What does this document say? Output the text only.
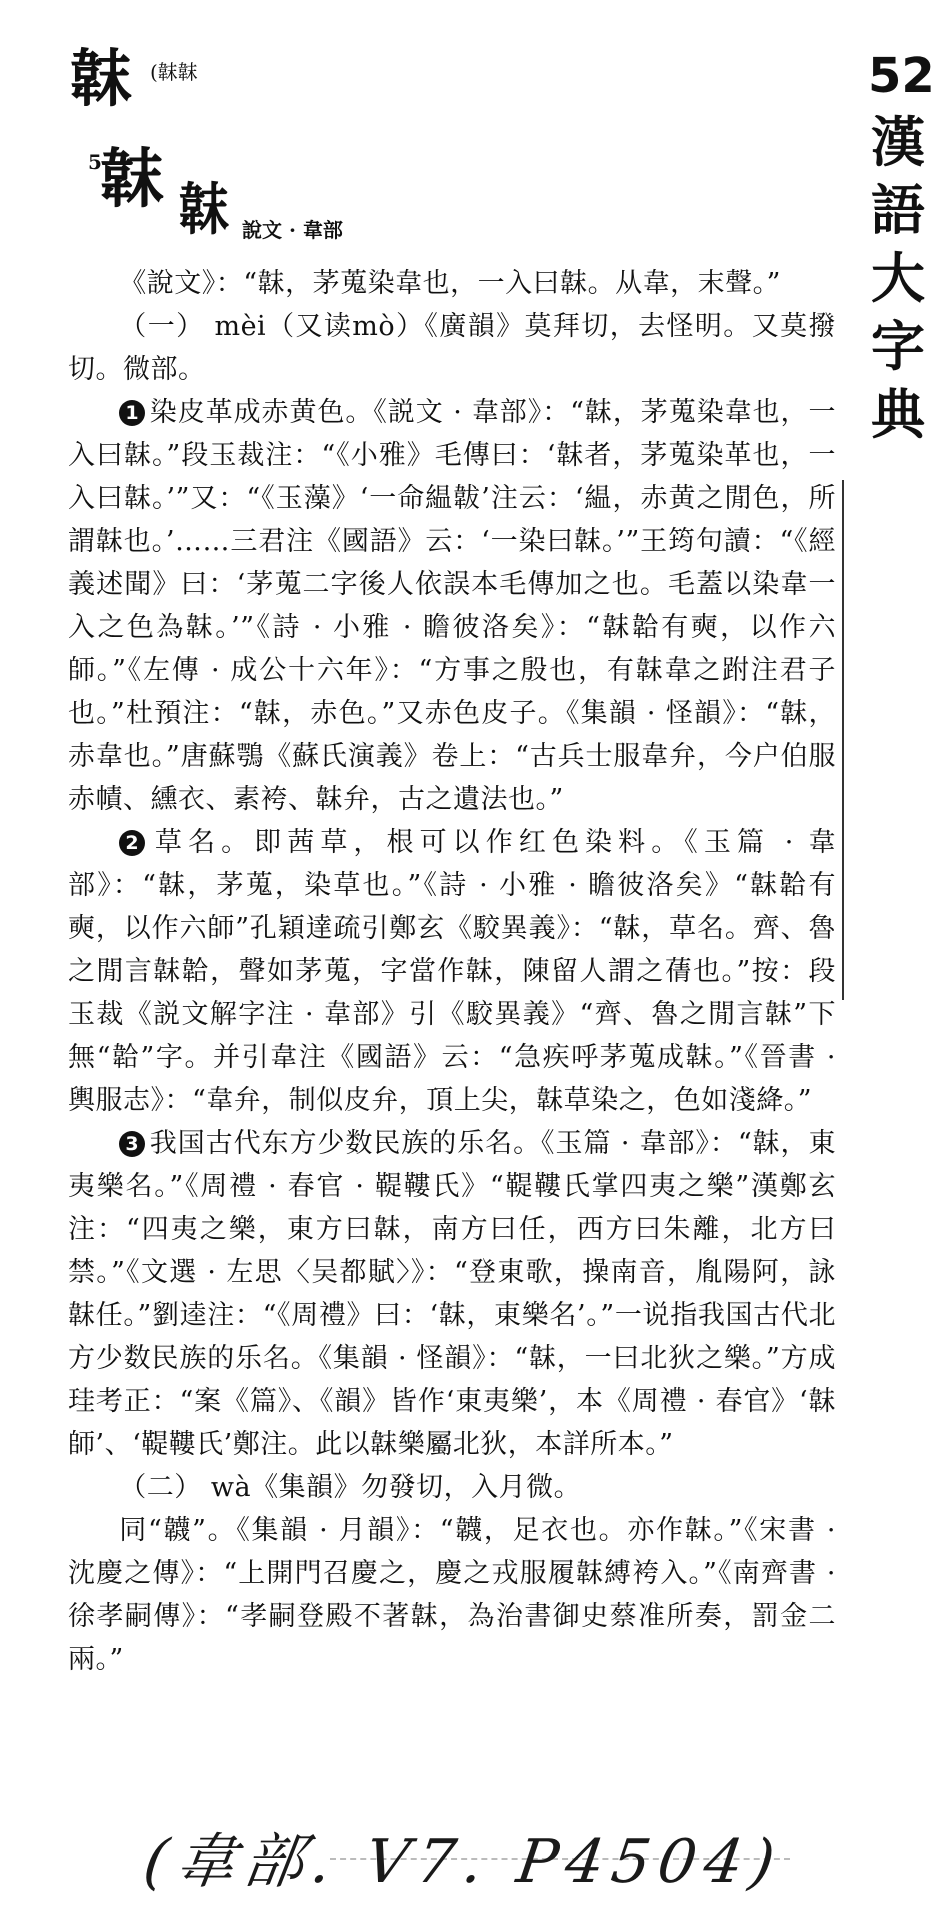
韎 (韎韎
5
韎 韎 說文 · 韋部
52
漢
語
大
字
典

《說文》：“韎，茅蒐染韋也，一入曰韎。从韋，末聲。”

（一） mèi（又读mò）《廣韻》莫拜切，去怪明。又莫撥切。微部。

1 染皮革成赤黄色。《説文 · 韋部》：“韎，茅蒐染韋也，一入曰韎。”段玉裁注：“《小雅》毛傳曰：‘韎者，茅蒐染革也，一入曰韎。’”又：“《玉藻》‘一命緼韍’注云：‘緼，赤黄之閒色，所謂韎也。’……三君注《國語》云：‘一染曰韎。’”王筠句讀：“《經義述聞》曰：‘茅蒐二字後人依誤本毛傳加之也。毛蓋以染韋一入之色為韎。’”《詩 · 小雅 · 瞻彼洛矣》：“韎韐有奭，以作六師。”《左傳 · 成公十六年》：“方事之殷也，有韎韋之跗注君子也。”杜預注：“韎，赤色。”又赤色皮子。《集韻 · 怪韻》：“韎，赤韋也。”唐蘇鶚《蘇氏演義》卷上：“古兵士服韋弁，今户伯服赤幘、纁衣、素袴、韎弁，古之遺法也。”

2 草名。即茜草，根可以作红色染料。《玉篇 · 韋部》：“韎，茅蒐，染草也。”《詩 · 小雅 · 瞻彼洛矣》“韎韐有奭，以作六師”孔穎達疏引鄭玄《駮異義》：“韎，草名。齊、魯之閒言韎韐，聲如茅蒐，字當作韎，陳留人謂之蒨也。”按：段玉裁《説文解字注 · 韋部》引《駮異義》“齊、魯之閒言韎”下無“韐”字。并引韋注《國語》云：“急疾呼茅蒐成韎。”《晉書 · 輿服志》：“韋弁，制似皮弁，頂上尖，韎草染之，色如淺絳。”

3 我国古代东方少数民族的乐名。《玉篇 · 韋部》：“韎，東夷樂名。”《周禮 · 春官 · 鞮鞻氏》“鞮鞻氏掌四夷之樂”漢鄭玄注：“四夷之樂，東方曰韎，南方曰任，西方曰朱離，北方曰禁。”《文選 · 左思〈吴都賦〉》：“登東歌，操南音，胤陽阿，詠韎任。”劉逵注：“《周禮》曰：‘韎，東樂名’。”一说指我国古代北方少数民族的乐名。《集韻 · 怪韻》：“韎，一曰北狄之樂。”方成珪考正：“案《篇》、《韻》皆作‘東夷樂’，本《周禮 · 春官》‘韎師’、‘鞮鞻氏’鄭注。此以韎樂屬北狄，本詳所本。”

（二） wà《集韻》勿發切，入月微。

同“韤”。《集韻 · 月韻》：“韤，足衣也。亦作韎。”《宋書 · 沈慶之傳》：“上開門召慶之，慶之戎服履韎縛袴入。”《南齊書 · 徐孝嗣傳》：“孝嗣登殿不著韎，為治書御史蔡准所奏，罰金二兩。”

(韋部. V7. P4504)
